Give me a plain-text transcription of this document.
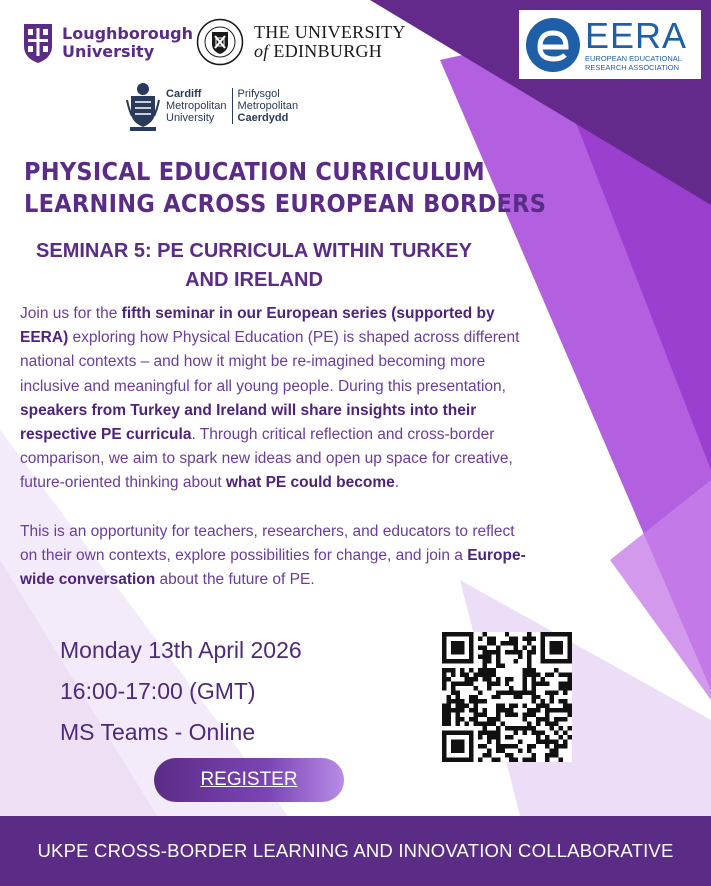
Loughborough
University
THE UNIVERSITY
of EDINBURGH
Cardiff
Metropolitan
University
Prifysgol
Metropolitan
Caerdydd
EERA
EUROPEAN EDUCATIONAL
RESEARCH ASSOCIATION
PHYSICAL EDUCATION CURRICULUM
LEARNING ACROSS EUROPEAN BORDERS
SEMINAR 5: PE CURRICULA WITHIN TURKEY
AND IRELAND

Join us for the fifth seminar in our European series (supported by EERA) exploring how Physical Education (PE) is shaped across different national contexts – and how it might be re-imagined becoming more inclusive and meaningful for all young people. During this presentation, speakers from Turkey and Ireland will share insights into their respective PE curricula. Through critical reflection and cross-border comparison, we aim to spark new ideas and open up space for creative, future-oriented thinking about what PE could become.

This is an opportunity for teachers, researchers, and educators to reflect on their own contexts, explore possibilities for change, and join a Europe-wide conversation about the future of PE.

Monday 13th April 2026
16:00-17:00 (GMT)
MS Teams - Online
REGISTER
UKPE CROSS-BORDER LEARNING AND INNOVATION COLLABORATIVE
